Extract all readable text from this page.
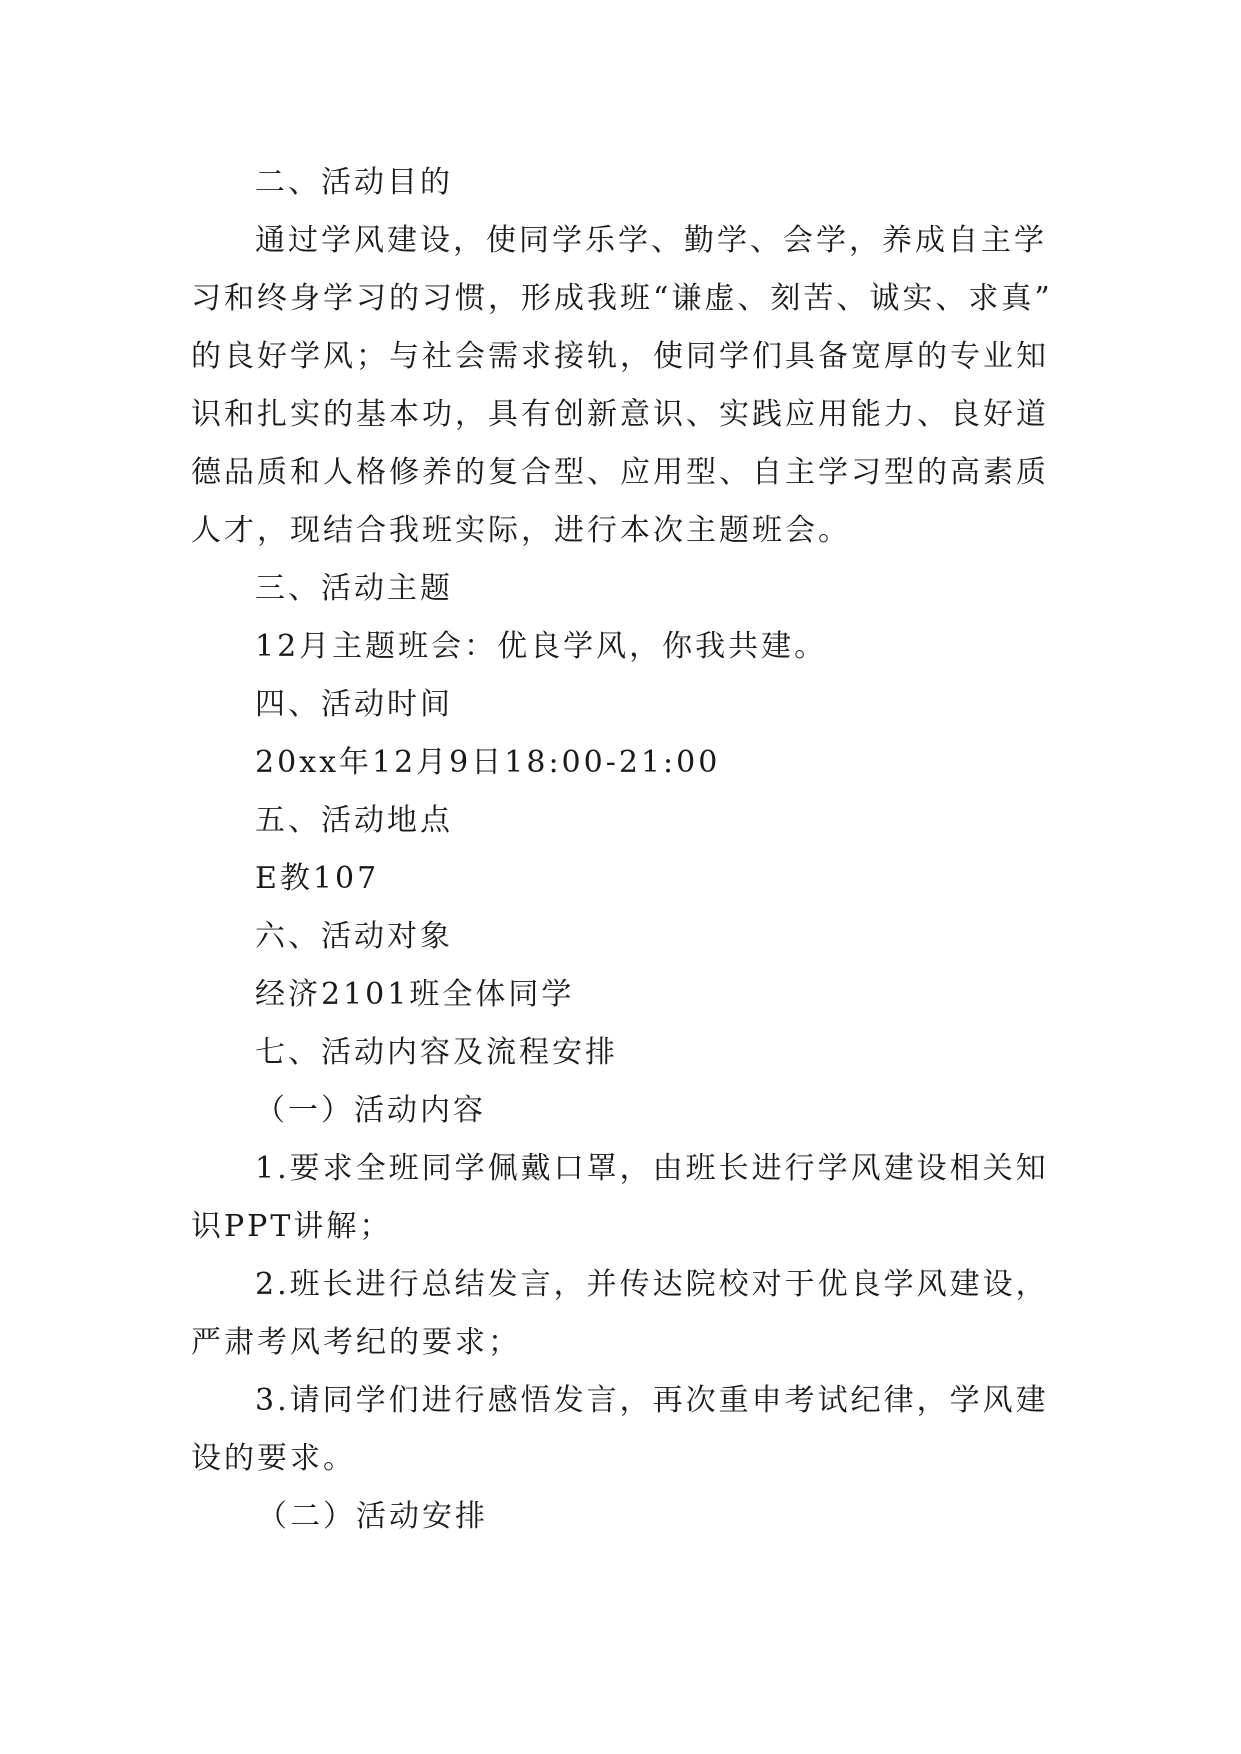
二、活动目的
通过学风建设，使同学乐学、勤学、会学，养成自主学
习和终身学习的习惯，形成我班“谦虚、刻苦、诚实、求真”
的良好学风；与社会需求接轨，使同学们具备宽厚的专业知
识和扎实的基本功，具有创新意识、实践应用能力、良好道
德品质和人格修养的复合型、应用型、自主学习型的高素质
人才，现结合我班实际，进行本次主题班会。
三、活动主题
12月主题班会：优良学风，你我共建。
四、活动时间
20xx年12月9日18:00-21:00
五、活动地点
E教107
六、活动对象
经济2101班全体同学
七、活动内容及流程安排
（一）活动内容
1.要求全班同学佩戴口罩，由班长进行学风建设相关知
识PPT讲解；
2.班长进行总结发言，并传达院校对于优良学风建设，
严肃考风考纪的要求；
3.请同学们进行感悟发言，再次重申考试纪律，学风建
设的要求。
（二）活动安排
